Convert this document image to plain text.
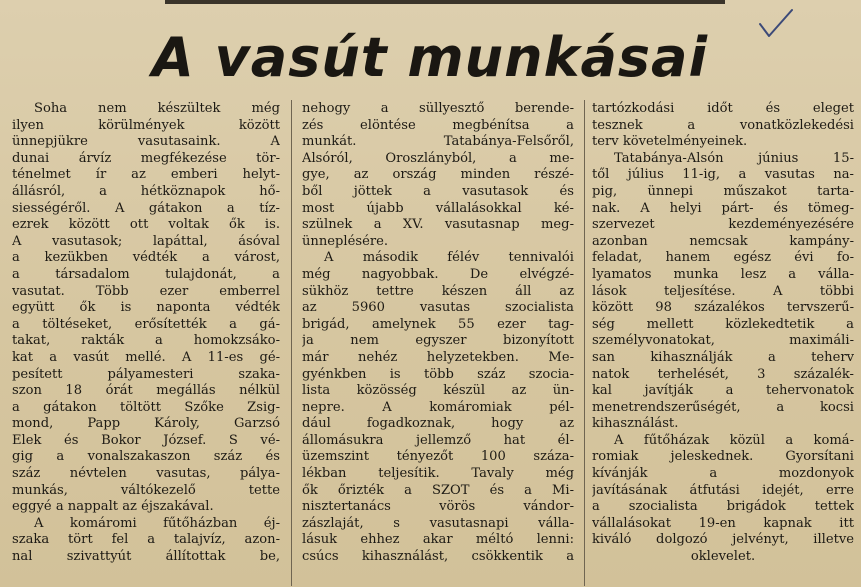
A vasút munkásai
Soha nem készültek még
ilyen körülmények között
ünnepjükre vasutasaink. A
dunai árvíz megfékezése tör-
ténelmet ír az emberi helyt-
állásról, a hétköznapok hő-
siességéről. A gátakon a tíz-
ezrek között ott voltak ők is.
A vasutasok; lapáttal, ásóval
a kezükben védték a várost,
a társadalom tulajdonát, a
vasutat. Több ezer emberrel
együtt ők is naponta védték
a töltéseket, erősítették a gá-
takat, rakták a homokzsáko-
kat a vasút mellé. A 11-es gé-
pesített pályamesteri szaka-
szon 18 órát megállás nélkül
a gátakon töltött Szőke Zsig-
mond, Papp Károly, Garzsó
Elek és Bokor József. S vé-
gig a vonalszakaszon száz és
száz névtelen vasutas, pálya-
munkás, váltókezelő tette
eggyé a nappalt az éjszakával.
A komáromi fűtőházban éj-
szaka tört fel a talajvíz, azon-
nal szivattyút állítottak be,
nehogy a süllyesztő berende-
zés elöntése megbénítsa a
munkát. Tatabánya-Felsőről,
Alsóról, Oroszlányból, a me-
gye, az ország minden részé-
ből jöttek a vasutasok és
most újabb vállalásokkal ké-
szülnek a XV. vasutasnap meg-
ünneplésére.
A második félév tennivalói
még nagyobbak. De elvégzé-
sükhöz tettre készen áll az
az 5960 vasutas szocialista
brigád, amelynek 55 ezer tag-
ja nem egyszer bizonyított
már nehéz helyzetekben. Me-
gyénkben is több száz szocia-
lista közösség készül az ün-
nepre. A komáromiak pél-
dául fogadkoznak, hogy az
állomásukra jellemző hat él-
üzemszint tényezőt 100 száza-
lékban teljesítik. Tavaly még
ők őrizték a SZOT és a Mi-
nisztertanács vörös vándor-
zászlaját, s vasutasnapi válla-
lásuk ehhez akar méltó lenni:
csúcs kihasználást, csökkentik a
tartózkodási időt és eleget
tesznek a vonatközlekedési
terv követelményeinek.
Tatabánya-Alsón június 15-
től július 11-ig, a vasutas na-
pig, ünnepi műszakot tarta-
nak. A helyi párt- és tömeg-
szervezet kezdeményezésére
azonban nemcsak kampány-
feladat, hanem egész évi fo-
lyamatos munka lesz a válla-
lások teljesítése. A többi
között 98 százalékos tervszerű-
ség mellett közlekedtetik a
személyvonatokat, maximáli-
san kihasználják a teherv
natok terhelését, 3 százalék-
kal javítják a tehervonatok
menetrendszerűségét, a kocsi
kihasználást.
A fűtőházak közül a komá-
romiak jeleskednek. Gyorsítani
kívánják a mozdonyok
javításának átfutási idejét, erre
a szocialista brigádok tettek
vállalásokat 19-en kapnak itt
kiváló dolgozó jelvényt, illetve
oklevelet.
